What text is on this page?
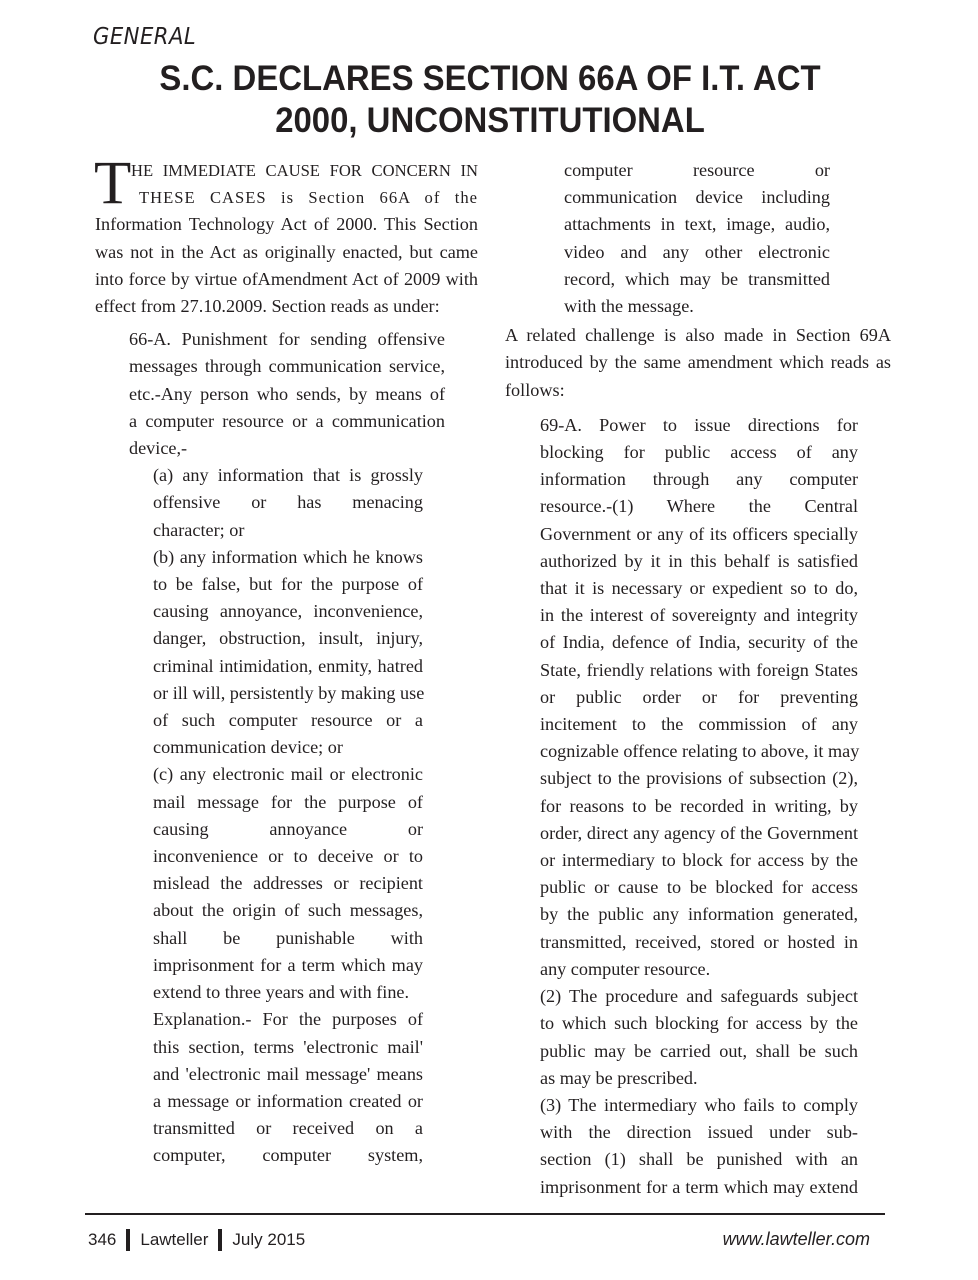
GENERAL
S.C. DECLARES SECTION 66A OF I.T. ACT
2000, UNCONSTITUTIONAL
T HE IMMEDIATE CAUSE FOR CONCERN IN
THESE CASES is Section 66A of the
Information Technology Act of 2000. This Section
was not in the Act as originally enacted, but came
into force by virtue ofAmendment Act of 2009 with
effect from 27.10.2009. Section reads as under:
66-A. Punishment for sending offensive
messages through communication service,
etc.-Any person who sends, by means of
a computer resource or a communication
device,-
(a) any information that is grossly
offensive or has menacing
character; or
(b) any information which he knows
to be false, but for the purpose of
causing annoyance, inconvenience,
danger, obstruction, insult, injury,
criminal intimidation, enmity, hatred
or ill will, persistently by making use
of such computer resource or a
communication device; or
(c) any electronic mail or electronic
mail message for the purpose of
causing annoyance or
inconvenience or to deceive or to
mislead the addresses or recipient
about the origin of such messages,
shall be punishable with
imprisonment for a term which may
extend to three years and with fine.
Explanation.- For the purposes of
this section, terms 'electronic mail'
and 'electronic mail message' means
a message or information created or
transmitted or received on a
computer, computer system,
computer resource or
communication device including
attachments in text, image, audio,
video and any other electronic
record, which may be transmitted
with the message.
A related challenge is also made in Section 69A
introduced by the same amendment which reads as
follows:
69-A. Power to issue directions for
blocking for public access of any
information through any computer
resource.-(1) Where the Central
Government or any of its officers specially
authorized by it in this behalf is satisfied
that it is necessary or expedient so to do,
in the interest of sovereignty and integrity
of India, defence of India, security of the
State, friendly relations with foreign States
or public order or for preventing
incitement to the commission of any
cognizable offence relating to above, it may
subject to the provisions of subsection (2),
for reasons to be recorded in writing, by
order, direct any agency of the Government
or intermediary to block for access by the
public or cause to be blocked for access
by the public any information generated,
transmitted, received, stored or hosted in
any computer resource.
(2) The procedure and safeguards subject
to which such blocking for access by the
public may be carried out, shall be such
as may be prescribed.
(3) The intermediary who fails to comply
with the direction issued under sub-
section (1) shall be punished with an
imprisonment for a term which may extend
346 Lawteller July 2015	www.lawteller.com
